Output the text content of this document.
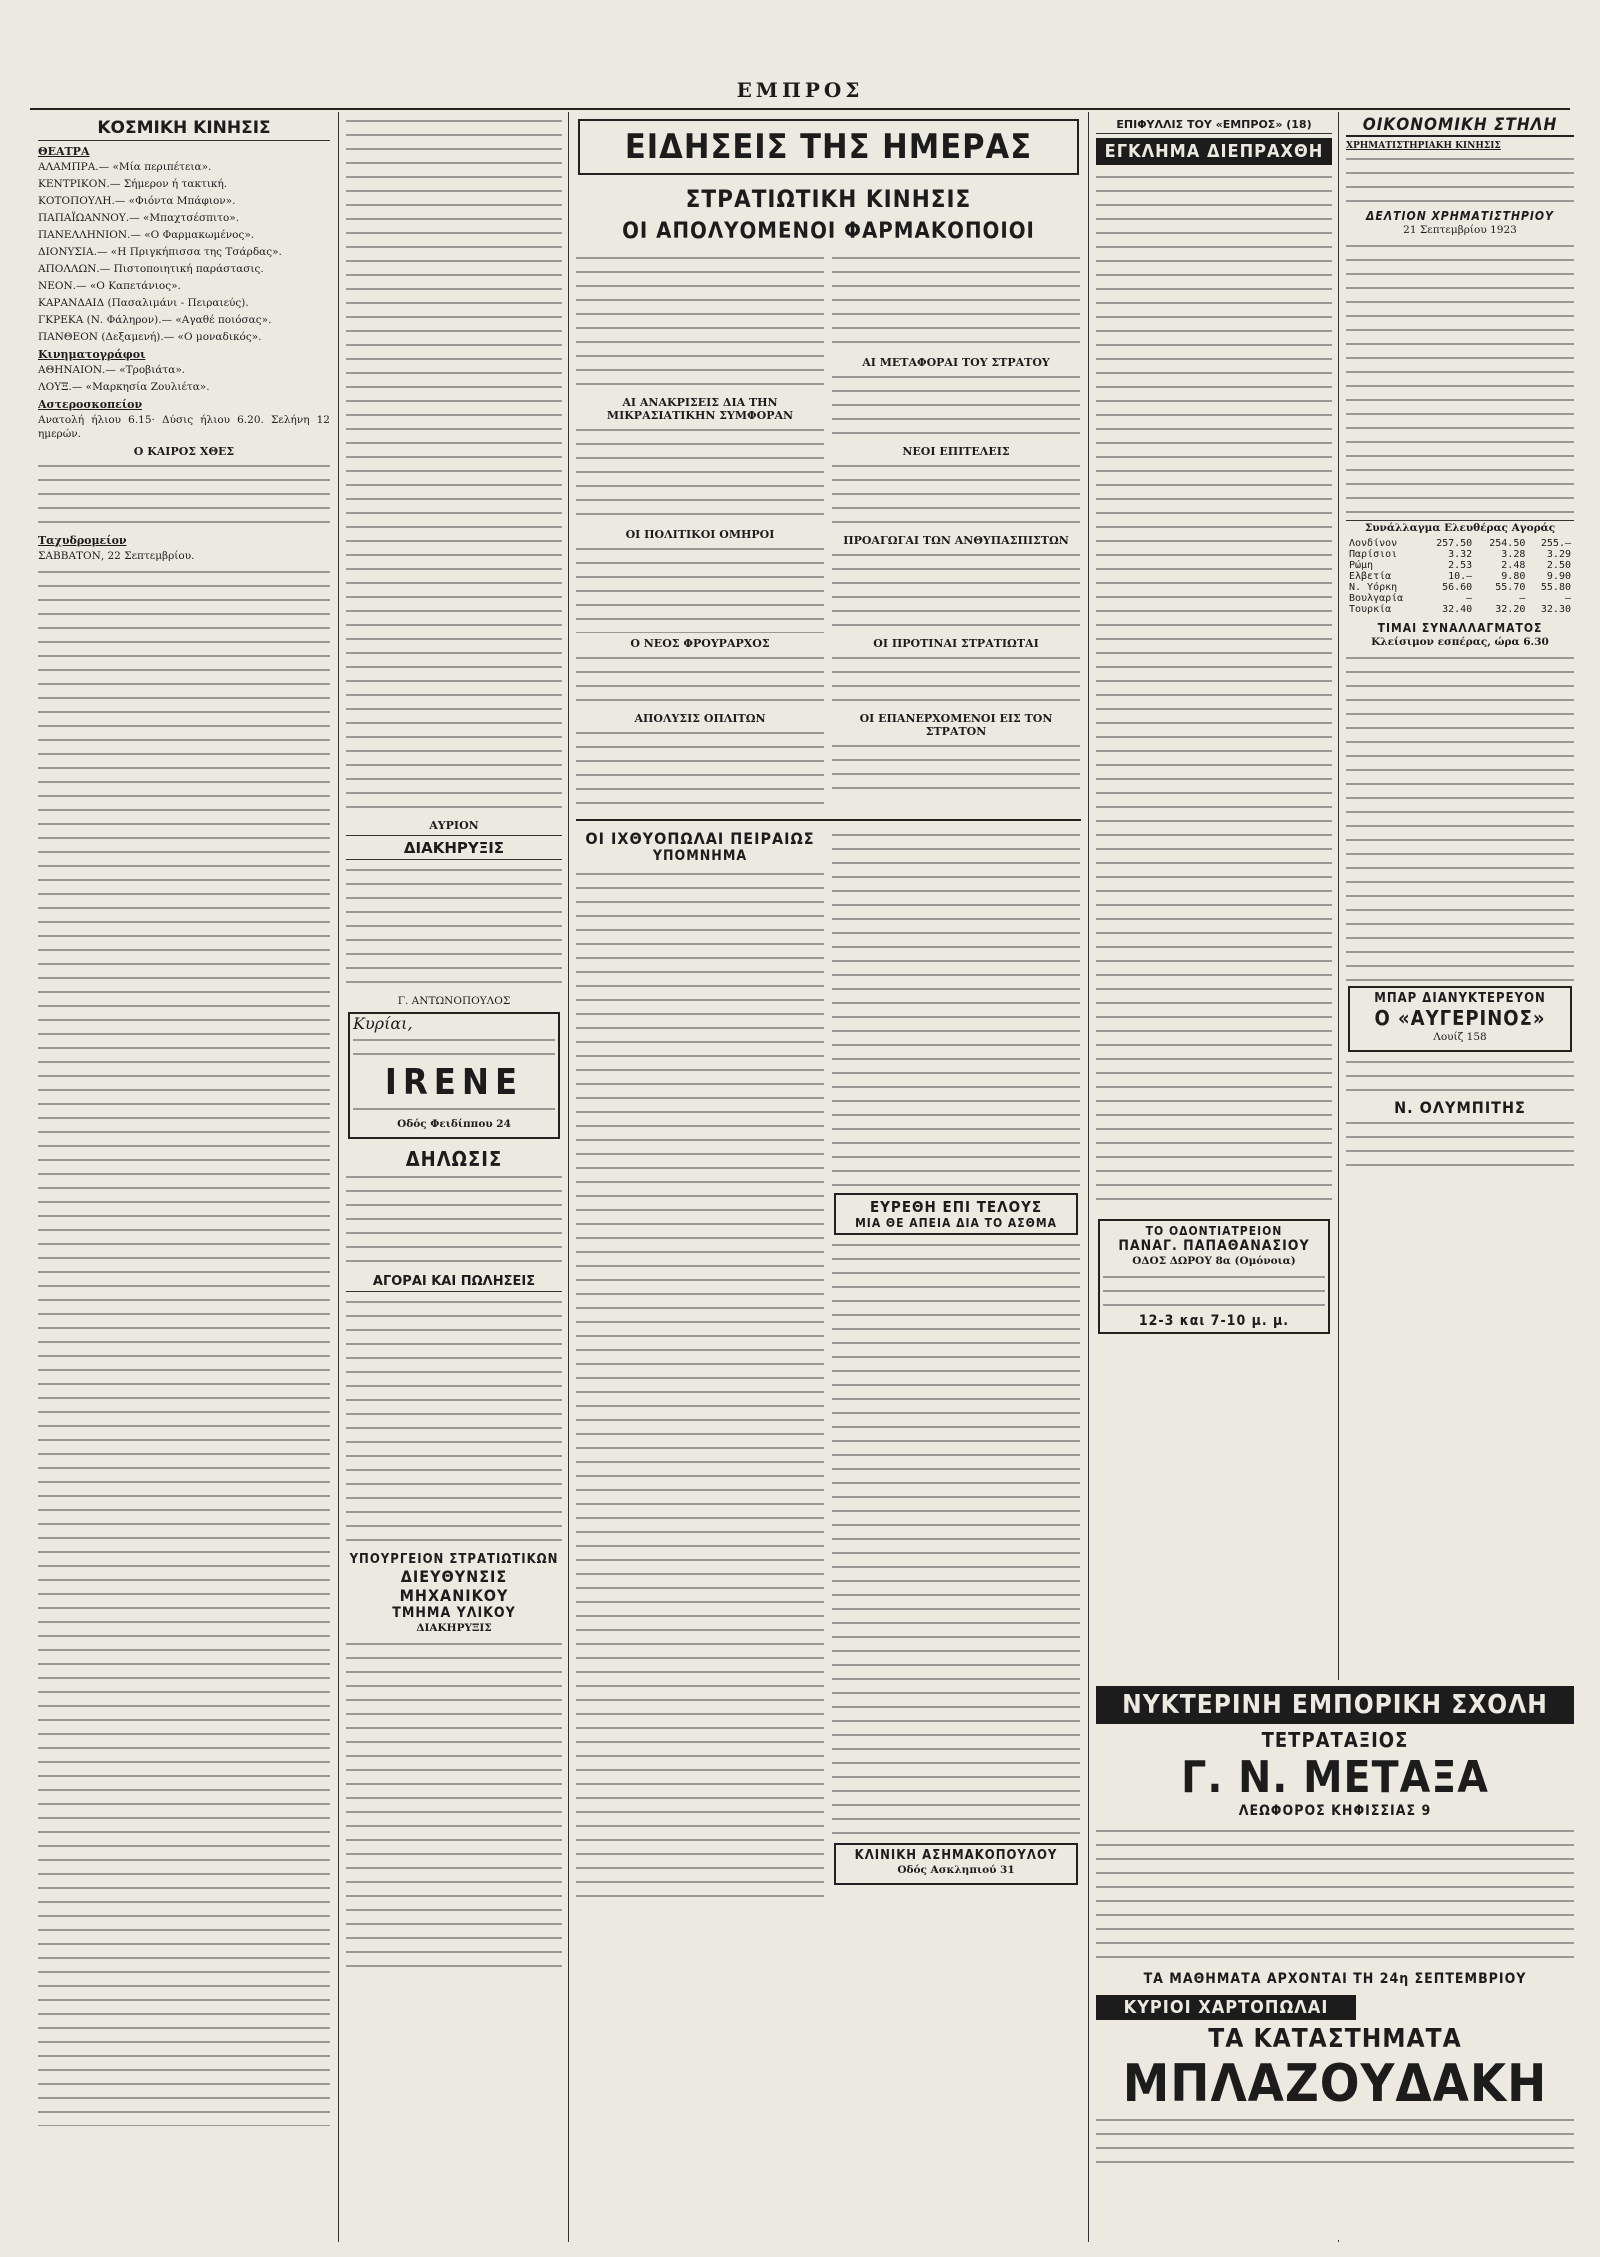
ΕΜΠΡΟΣ
ΚΟΣΜΙΚΗ ΚΙΝΗΣΙΣ
ΘΕΑΤΡΑ

ΑΛΑΜΠΡΑ.— «Μία περιπέτεια».

ΚΕΝΤΡΙΚΟΝ.— Σήμερον ή τακτική.

ΚΟΤΟΠΟΥΛΗ.— «Φιόντα Μπάφιον».

ΠΑΠΑΪΩΑΝΝΟΥ.— «Μπαχτσέσπιτο».

ΠΑΝΕΛΛΗΝΙΟΝ.— «Ο Φαρμακωμένος».

ΔΙΟΝΥΣΙΑ.— «Η Πριγκήπισσα της Τσάρδας».

ΑΠΟΛΛΩΝ.— Πιστοποιητική παράστασις.

ΝΕΟΝ.— «Ο Καπετάνιος».

ΚΑΡΑΝΔΑΙΔ (Πασαλιμάνι - Πειραιεύς).

ΓΚΡΕΚΑ (Ν. Φάληρον).— «Αγαθέ ποιόσας».

ΠΑΝΘΕΟΝ (Δεξαμενή).— «Ο μοναδικός».

Κινηματογράφοι

ΑΘΗΝΑΙΟΝ.— «Τροβιάτα».

ΛΟΥΞ.— «Μαρκησία Ζουλιέτα».

Αστεροσκοπείον

Ανατολή ήλιου 6.15· Δύσις ήλιου 6.20. Σελήνη 12 ημερών.

Ο ΚΑΙΡΟΣ ΧΘΕΣ
Ταχυδρομείον

ΣΑΒΒΑΤΟΝ, 22 Σεπτεμβρίου.

ΑΥΡΙΟΝ
ΔΙΑΚΗΡΥΞΙΣ
Γ. ΑΝΤΩΝΟΠΟΥΛΟΣ
Κυρίαι,
IRENE
Οδός Φειδίππου 24
ΔΗΛΩΣΙΣ
ΑΓΟΡΑΙ ΚΑΙ ΠΩΛΗΣΕΙΣ
ΥΠΟΥΡΓΕΙΟΝ ΣΤΡΑΤΙΩΤΙΚΩΝ
ΔΙΕΥΘΥΝΣΙΣ ΜΗΧΑΝΙΚΟΥ
ΤΜΗΜΑ ΥΛΙΚΟΥ
ΔΙΑΚΗΡΥΞΙΣ
ΕΙΔΗΣΕΙΣ ΤΗΣ ΗΜΕΡΑΣ
ΣΤΡΑΤΙΩΤΙΚΗ ΚΙΝΗΣΙΣ
ΟΙ ΑΠΟΛΥΟΜΕΝΟΙ ΦΑΡΜΑΚΟΠΟΙΟΙ
ΑΙ ΑΝΑΚΡΙΣΕΙΣ ΔΙΑ ΤΗΝ ΜΙΚΡΑΣΙΑΤΙΚΗΝ ΣΥΜΦΟΡΑΝ
ΟΙ ΠΟΛΙΤΙΚΟΙ ΟΜΗΡΟΙ
Ο ΝΕΟΣ ΦΡΟΥΡΑΡΧΟΣ
ΑΠΟΛΥΣΙΣ ΟΠΛΙΤΩΝ
ΑΙ ΜΕΤΑΦΟΡΑΙ ΤΟΥ ΣΤΡΑΤΟΥ
ΝΕΟΙ ΕΠΙΤΕΛΕΙΣ
ΠΡΟΑΓΩΓΑΙ ΤΩΝ ΑΝΘΥΠΑΣΠΙΣΤΩΝ
ΟΙ ΠΡΟΤΙΝΑΙ ΣΤΡΑΤΙΩΤΑΙ
ΟΙ ΕΠΑΝΕΡΧΟΜΕΝΟΙ ΕΙΣ ΤΟΝ ΣΤΡΑΤΟΝ
ΟΙ ΙΧΘΥΟΠΩΛΑΙ ΠΕΙΡΑΙΩΣ
ΥΠΟΜΝΗΜΑ
ΕΥΡΕΘΗ ΕΠΙ ΤΕΛΟΥΣ
ΜΙΑ ΘΕ ΑΠΕΙΑ ΔΙΑ ΤΟ ΑΣΘΜΑ
ΚΛΙΝΙΚΗ ΑΣΗΜΑΚΟΠΟΥΛΟΥ
Οδός Ασκληπιού 31
ΕΠΙΦΥΛΛΙΣ ΤΟΥ «ΕΜΠΡΟΣ» (18)
ΕΓΚΛΗΜΑ ΔΙΕΠΡΑΧΘΗ
ΤΟ ΟΔΟΝΤΙΑΤΡΕΙΟΝ
ΠΑΝΑΓ. ΠΑΠΑΘΑΝΑΣΙΟΥ
ΟΔΟΣ ΔΩΡΟΥ 8α (Ομόνοια)
12-3 και 7-10 μ. μ.
ΟΙΚΟΝΟΜΙΚΗ ΣΤΗΛΗ
ΧΡΗΜΑΤΙΣΤΗΡΙΑΚΗ ΚΙΝΗΣΙΣ
ΔΕΛΤΙΟΝ ΧΡΗΜΑΤΙΣΤΗΡΙΟΥ
21 Σεπτεμβρίου 1923
Συνάλλαγμα Ελευθέρας Αγοράς
Λονδίνον	257.50	254.50	255.—
Παρίσιοι	3.32	3.28	3.29
Ρώμη	2.53	2.48	2.50
Ελβετία	10.—	9.80	9.90
Ν. Υόρκη	56.60	55.70	55.80
Βουλγαρία	—	—	—
Τουρκία	32.40	32.20	32.30
ΤΙΜΑΙ ΣΥΝΑΛΛΑΓΜΑΤΟΣ
Κλείσιμον εσπέρας, ώρα 6.30
ΜΠΑΡ ΔΙΑΝΥΚΤΕΡΕΥΟΝ
Ο «ΑΥΓΕΡΙΝΟΣ»
Λουίζ 158
Ν. ΟΛΥΜΠΙΤΗΣ
ΝΥΚΤΕΡΙΝΗ ΕΜΠΟΡΙΚΗ ΣΧΟΛΗ
ΤΕΤΡΑΤΑΞΙΟΣ
Γ. Ν. ΜΕΤΑΞΑ
ΛΕΩΦΟΡΟΣ ΚΗΦΙΣΣΙΑΣ 9
ΤΑ ΜΑΘΗΜΑΤΑ ΑΡΧΟΝΤΑΙ ΤΗ 24η ΣΕΠΤΕΜΒΡΙΟΥ
ΚΥΡΙΟΙ ΧΑΡΤΟΠΩΛΑΙ
ΤΑ ΚΑΤΑΣΤΗΜΑΤΑ
ΜΠΛΑΖΟΥΔΑΚΗ
